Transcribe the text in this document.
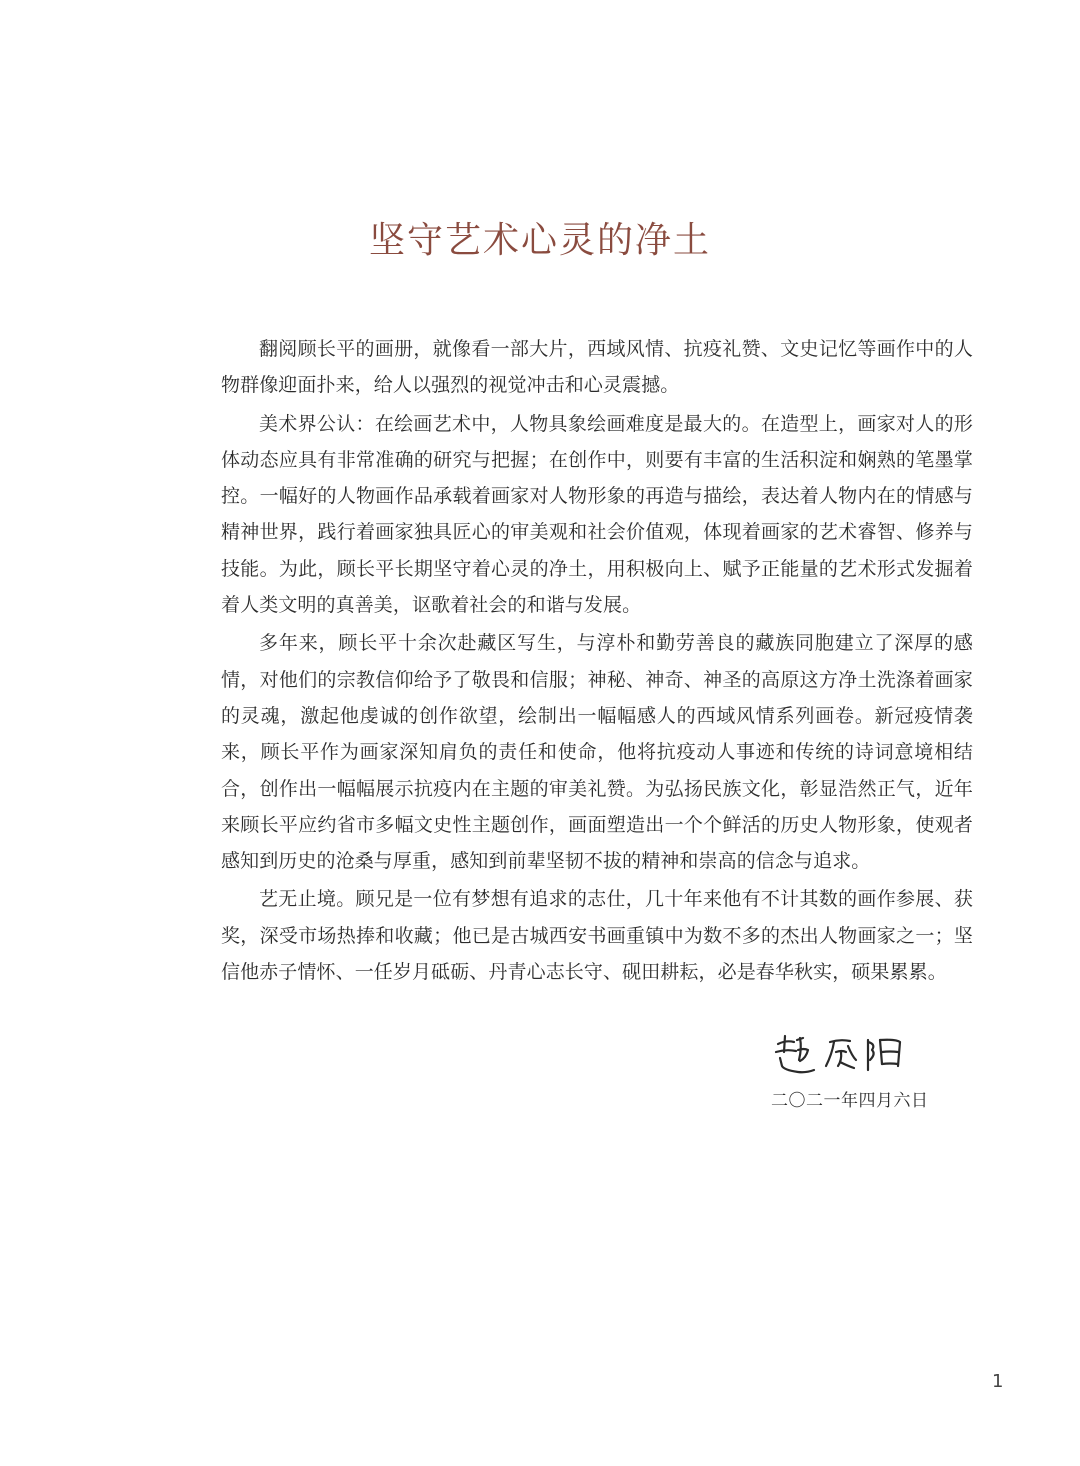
坚守艺术心灵的净土

翻阅顾长平的画册，就像看一部大片，西域风情、抗疫礼赞、文史记忆等画作中的人物群像迎面扑来，给人以强烈的视觉冲击和心灵震撼。

美术界公认：在绘画艺术中，人物具象绘画难度是最大的。在造型上，画家对人的形体动态应具有非常准确的研究与把握；在创作中，则要有丰富的生活积淀和娴熟的笔墨掌控。一幅好的人物画作品承载着画家对人物形象的再造与描绘，表达着人物内在的情感与精神世界，践行着画家独具匠心的审美观和社会价值观，体现着画家的艺术睿智、修养与技能。为此，顾长平长期坚守着心灵的净土，用积极向上、赋予正能量的艺术形式发掘着着人类文明的真善美，讴歌着社会的和谐与发展。

多年来，顾长平十余次赴藏区写生，与淳朴和勤劳善良的藏族同胞建立了深厚的感情，对他们的宗教信仰给予了敬畏和信服；神秘、神奇、神圣的高原这方净土洗涤着画家的灵魂，激起他虔诚的创作欲望，绘制出一幅幅感人的西域风情系列画卷。新冠疫情袭来，顾长平作为画家深知肩负的责任和使命，他将抗疫动人事迹和传统的诗词意境相结合，创作出一幅幅展示抗疫内在主题的审美礼赞。为弘扬民族文化，彰显浩然正气，近年来顾长平应约省市多幅文史性主题创作，画面塑造出一个个鲜活的历史人物形象，使观者感知到历史的沧桑与厚重，感知到前辈坚韧不拔的精神和崇高的信念与追求。

艺无止境。顾兄是一位有梦想有追求的志仕，几十年来他有不计其数的画作参展、获奖，深受市场热捧和收藏；他已是古城西安书画重镇中为数不多的杰出人物画家之一；坚信他赤子情怀、一任岁月砥砺、丹青心志长守、砚田耕耘，必是春华秋实，硕果累累。

二〇二一年四月六日
1
